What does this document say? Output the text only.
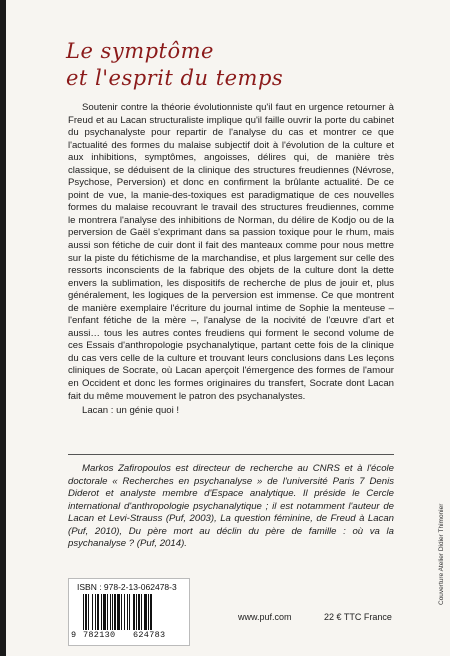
Le symptôme
et l'esprit du temps

Soutenir contre la théorie évolutionniste qu'il faut en urgence retourner à Freud et au Lacan structuraliste implique qu'il faille ouvrir la porte du cabinet du psychanalyste pour repartir de l'analyse du cas et montrer ce que l'actualité des formes du malaise subjectif doit à l'évolution de la culture et aux inhibitions, symptômes, angoisses, délires qui, de manière très classique, se déduisent de la clinique des structures freudiennes (Névrose, Psychose, Perversion) et donc en confirment la brûlante actualité. De ce point de vue, la manie-des-toxiques est paradigmatique de ces nouvelles formes du malaise recouvrant le travail des structures freudiennes, comme le montrera l'analyse des inhibitions de Norman, du délire de Kodjo ou de la perversion de Gaël s'exprimant dans sa passion toxique pour le rhum, mais aussi son fétiche de cuir dont il fait des manteaux comme pour nous mettre sur la piste du fétichisme de la marchandise, et plus largement sur celle des ressorts inconscients de la fabrique des objets de la culture dont la dette envers la sublimation, les dispositifs de recherche de plus de jouir et, plus généralement, les logiques de la perversion est immense. Ce que montrent de manière exemplaire l'écriture du journal intime de Sophie la menteuse – l'enfant fétiche de la mère –, l'analyse de la nocivité de l'œuvre d'art et aussi… tous les autres contes freudiens qui forment le second volume de ces Essais d'anthropologie psychanalytique, partant cette fois de la clinique du cas vers celle de la culture et trouvant leurs conclusions dans Les leçons cliniques de Socrate, où Lacan aperçoit l'émergence des formes de l'amour en Occident et donc les formes originaires du transfert, Socrate dont Lacan fait du même mouvement le patron des psychanalystes.

Lacan : un génie quoi !

Markos Zafiropoulos est directeur de recherche au CNRS et à l'école doctorale « Recherches en psychanalyse » de l'université Paris 7 Denis Diderot et analyste membre d'Espace analytique. Il préside le Cercle international d'anthropologie psychanalytique ; il est notamment l'auteur de Lacan et Levi-Strauss (Puf, 2003), La question féminine, de Freud à Lacan (Puf, 2010), Du père mort au déclin du père de famille : où va la psychanalyse ? (Puf, 2014).
ISBN : 978-2-13-062478-3
9 782130 624783
www.puf.com	22 € TTC France
Couverture Atelier Didier Thimonier
